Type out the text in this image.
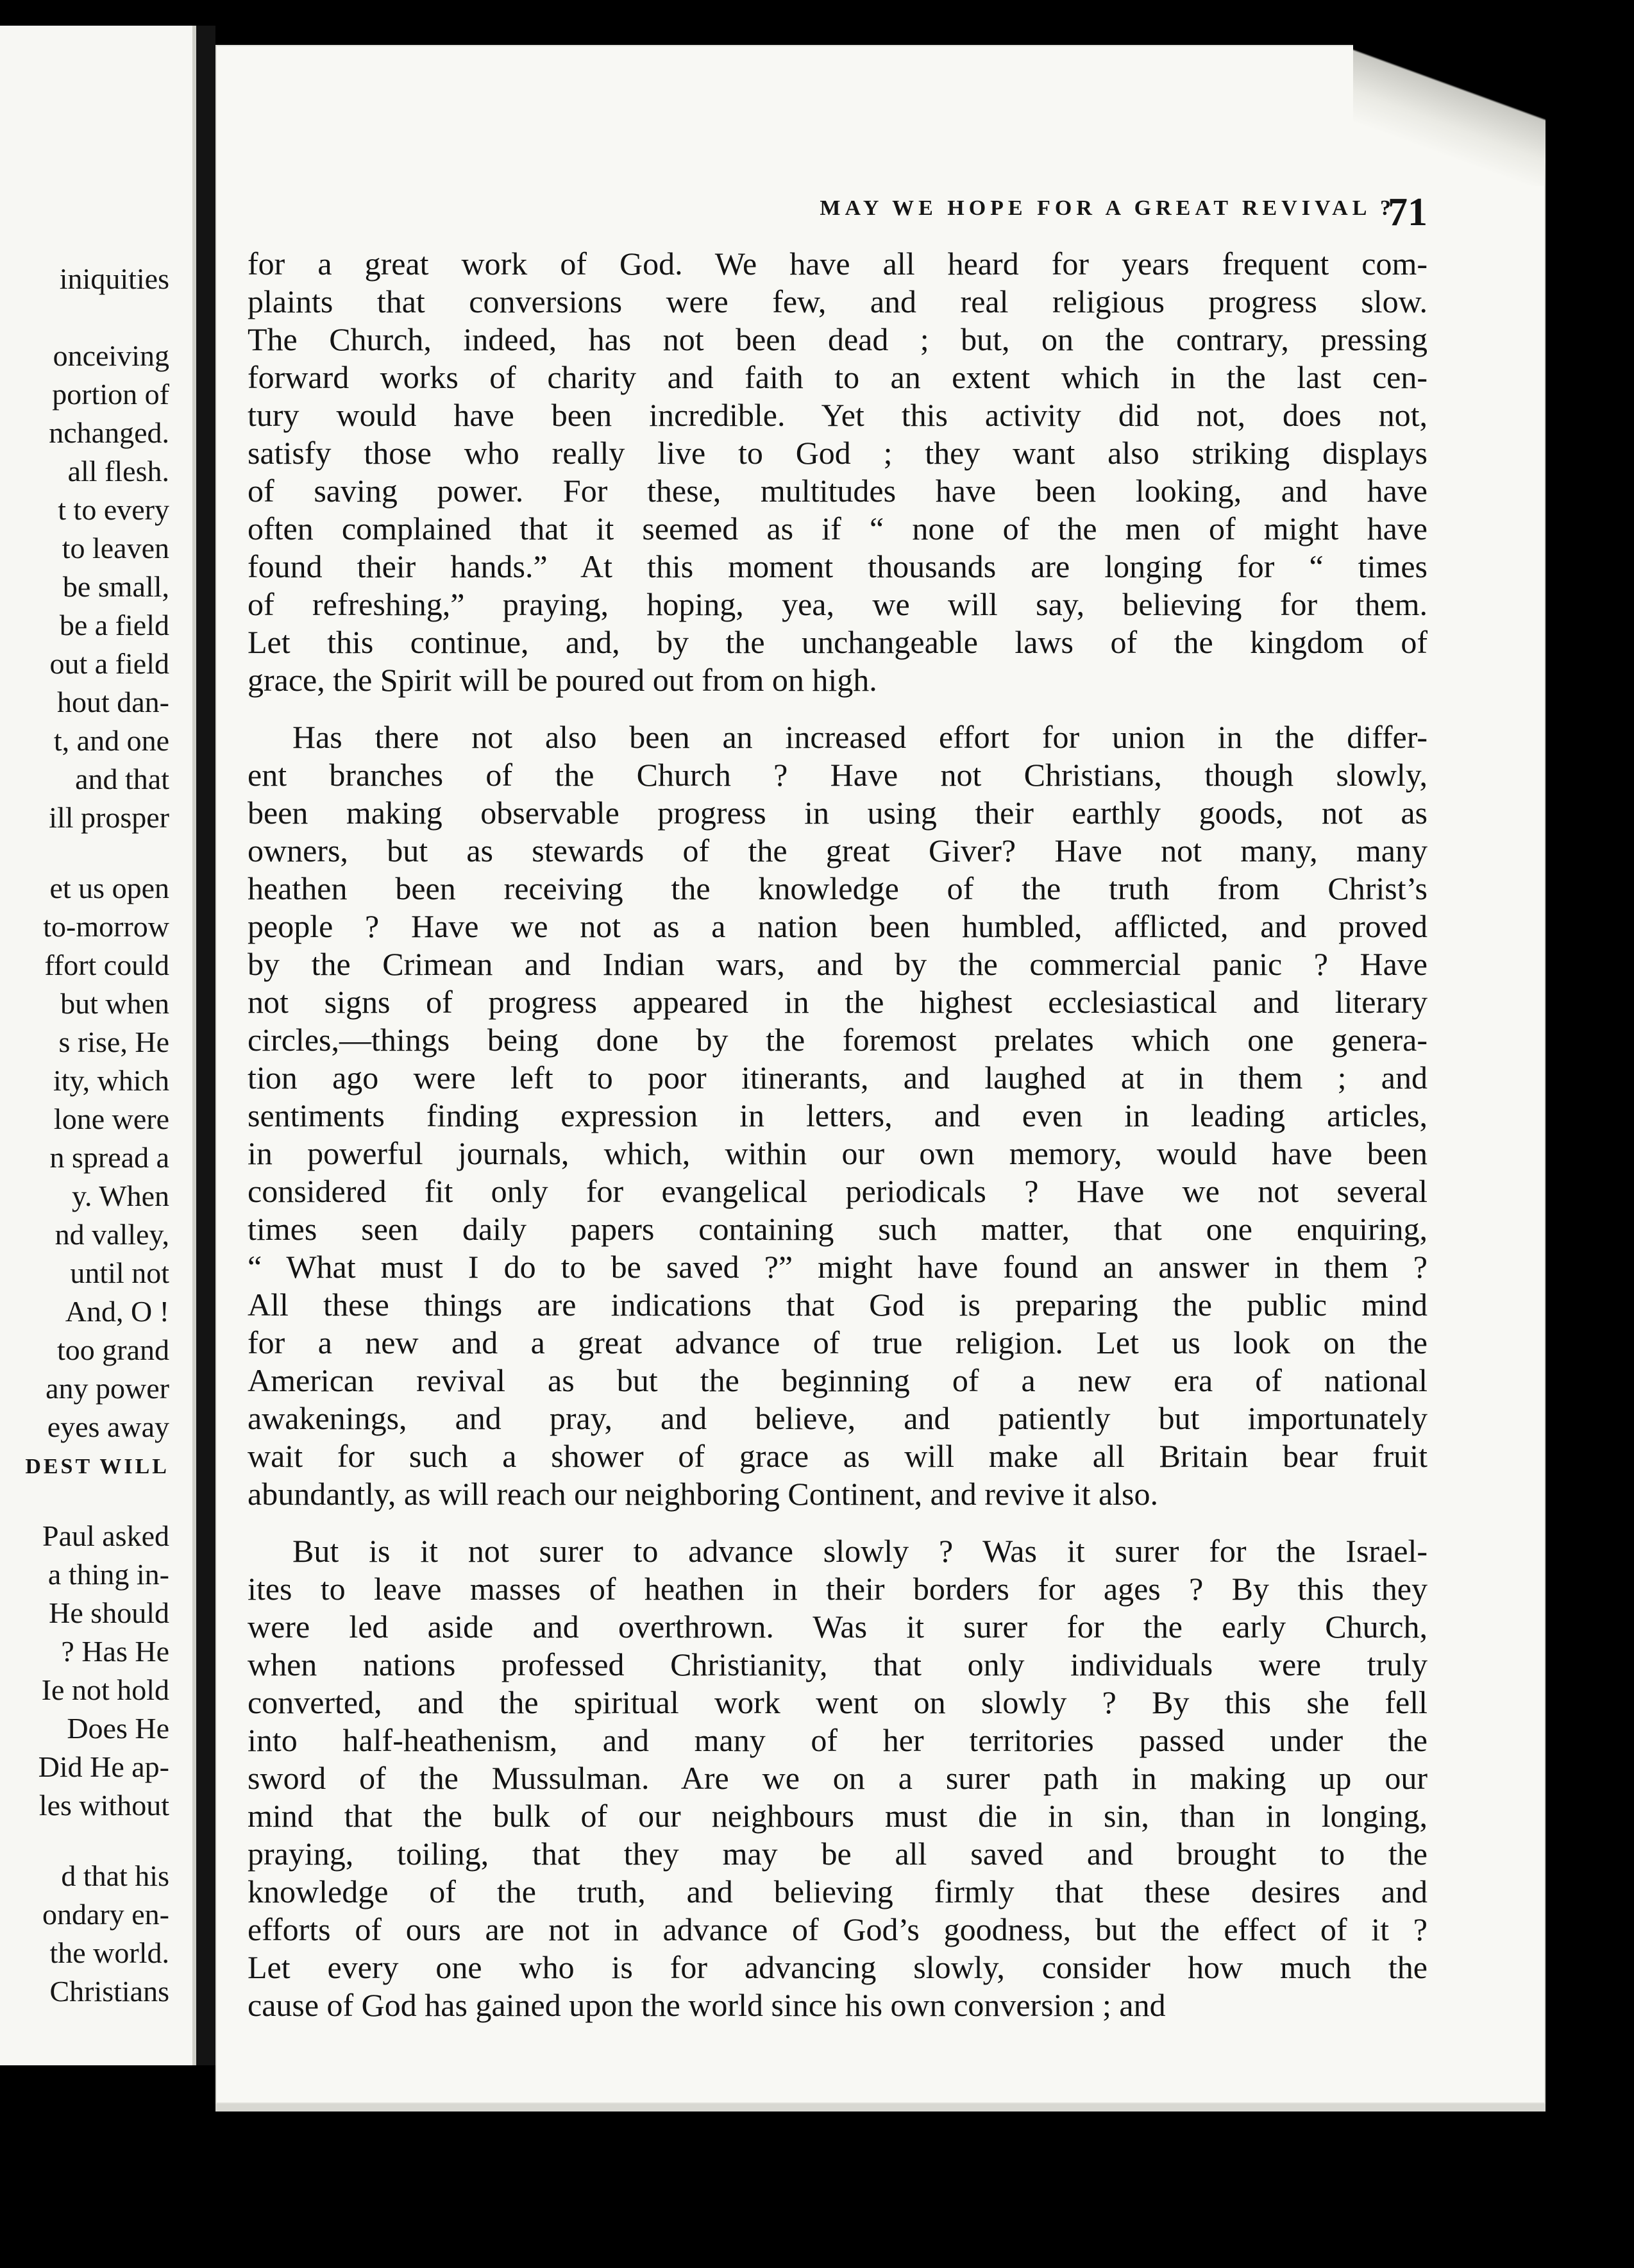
iniquities
onceiving
portion of
nchanged.
all flesh.
t to every
to leaven
be small,
be a field
out a field
hout dan-
t, and one
and that
ill prosper
et us open
to-morrow
ffort could
but when
s rise, He
ity, which
lone were
n spread a
y. When
nd valley,
until not
And, O !
too grand
any power
eyes away
DEST WILL
Paul asked
a thing in-
He should
? Has He
Ie not hold
Does He
Did He ap-
les without
d that his
ondary en-
the world.
Christians
MAY WE HOPE FOR A GREAT REVIVAL ?
71
for a great work of God. We have all heard for years frequent com-
plaints that conversions were few, and real religious progress slow.
The Church, indeed, has not been dead ; but, on the contrary, pressing
forward works of charity and faith to an extent which in the last cen-
tury would have been incredible. Yet this activity did not, does not,
satisfy those who really live to God ; they want also striking displays
of saving power. For these, multitudes have been looking, and have
often complained that it seemed as if “ none of the men of might have
found their hands.” At this moment thousands are longing for “ times
of refreshing,” praying, hoping, yea, we will say, believing for them.
Let this continue, and, by the unchangeable laws of the kingdom of
grace, the Spirit will be poured out from on high.
Has there not also been an increased effort for union in the differ-
ent branches of the Church ? Have not Christians, though slowly,
been making observable progress in using their earthly goods, not as
owners, but as stewards of the great Giver? Have not many, many
heathen been receiving the knowledge of the truth from Christ’s
people ? Have we not as a nation been humbled, afflicted, and proved
by the Crimean and Indian wars, and by the commercial panic ? Have
not signs of progress appeared in the highest ecclesiastical and literary
circles,—things being done by the foremost prelates which one genera-
tion ago were left to poor itinerants, and laughed at in them ; and
sentiments finding expression in letters, and even in leading articles,
in powerful journals, which, within our own memory, would have been
considered fit only for evangelical periodicals ? Have we not several
times seen daily papers containing such matter, that one enquiring,
“ What must I do to be saved ?” might have found an answer in them ?
All these things are indications that God is preparing the public mind
for a new and a great advance of true religion. Let us look on the
American revival as but the beginning of a new era of national
awakenings, and pray, and believe, and patiently but importunately
wait for such a shower of grace as will make all Britain bear fruit
abundantly, as will reach our neighboring Continent, and revive it also.
But is it not surer to advance slowly ? Was it surer for the Israel-
ites to leave masses of heathen in their borders for ages ? By this they
were led aside and overthrown. Was it surer for the early Church,
when nations professed Christianity, that only individuals were truly
converted, and the spiritual work went on slowly ? By this she fell
into half-heathenism, and many of her territories passed under the
sword of the Mussulman. Are we on a surer path in making up our
mind that the bulk of our neighbours must die in sin, than in longing,
praying, toiling, that they may be all saved and brought to the
knowledge of the truth, and believing firmly that these desires and
efforts of ours are not in advance of God’s goodness, but the effect of it ?
Let every one who is for advancing slowly, consider how much the
cause of God has gained upon the world since his own conversion ; and
